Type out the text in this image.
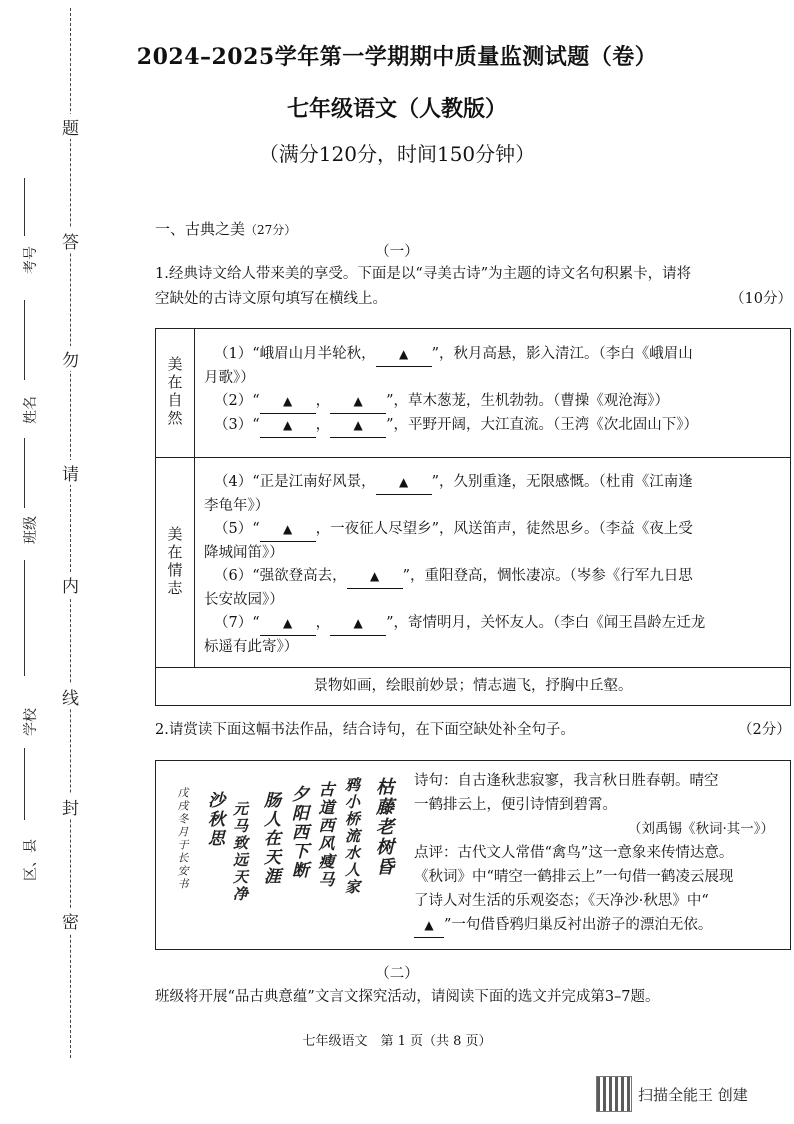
题
答
勿
请
内
线
封
密
考号
姓名
班级
学校
区、县
2024–2025学年第一学期期中质量监测试题（卷）
七年级语文（人教版）
（满分120分，时间150分钟）
一、古典之美（27分）
（一）
1.经典诗文给人带来美的享受。下面是以“寻美古诗”为主题的诗文名句积累卡，请将
空缺处的古诗文原句填写在横线上。	（10分）
美
在
自
然
美
在
情
志
（1）“峨眉山月半轮秋， ▲ ”，秋月高悬，影入清江。（李白《峨眉山
月歌》）
（2）“ ▲ ， ▲ ”，草木葱茏，生机勃勃。（曹操《观沧海》）
（3）“ ▲ ， ▲ ”，平野开阔，大江直流。（王湾《次北固山下》）
（4）“正是江南好风景， ▲ ”，久别重逢，无限感慨。（杜甫《江南逢
李龟年》）
（5）“ ▲ ，一夜征人尽望乡”，风送笛声，徒然思乡。（李益《夜上受
降城闻笛》）
（6）“强欲登高去， ▲ ”，重阳登高，惆怅凄凉。（岑参《行军九日思
长安故园》）
（7）“ ▲ ， ▲ ”，寄情明月，关怀友人。（李白《闻王昌龄左迁龙
标遥有此寄》）
景物如画，绘眼前妙景；情志遄飞，抒胸中丘壑。
2.请赏读下面这幅书法作品，结合诗句，在下面空缺处补全句子。	（2分）
枯藤老树昏
鸦小桥流水人家
古道西风瘦马
夕阳西下断
肠人在天涯
元马致远天净
沙秋思
戊戌冬月于长安书
诗句：自古逢秋悲寂寥，我言秋日胜春朝。晴空
一鹤排云上，便引诗情到碧霄。
（刘禹锡《秋词·其一》）
点评：古代文人常借“禽鸟”这一意象来传情达意。
《秋词》中“晴空一鹤排云上”一句借一鹤凌云展现
了诗人对生活的乐观姿态；《天净沙·秋思》中“
▲ ”一句借昏鸦归巢反衬出游子的漂泊无依。
（二）
班级将开展“品古典意蕴”文言文探究活动，请阅读下面的选文并完成第3–7题。
七年级语文　第 1 页（共 8 页）
扫描全能王 创建
